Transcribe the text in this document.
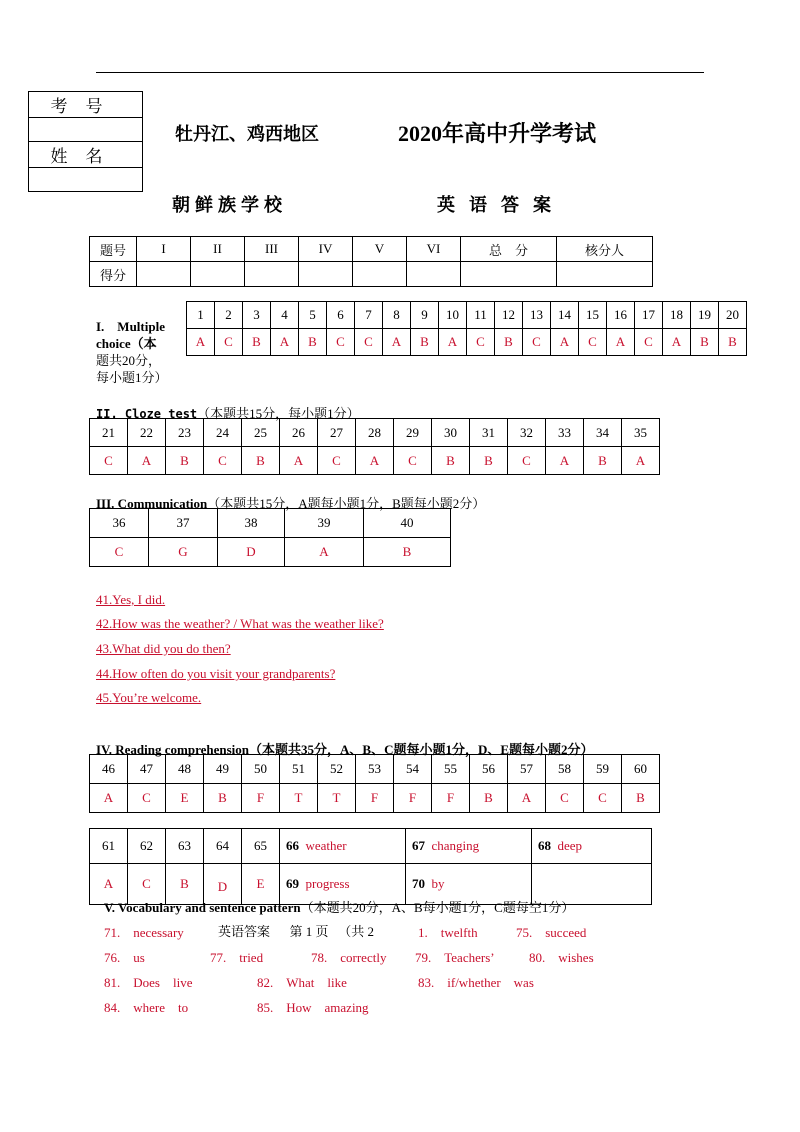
考号

姓名

牡丹江、鸡西地区	2020年高中升学考试
朝鲜族学校	英语答案
题号	I	II	III	IV	V	VI	总　分	核分人
得分								
I.　Multiple
choice（本
题共20分，
每小题1分）
1	2	3	4	5	6	7	8	9	10	11	12	13	14	15	16	17	18	19	20
A	C	B	A	B	C	C	A	B	A	C	B	C	A	C	A	C	A	B	B
II. Cloze test（本题共15分，每小题1分）
21	22	23	24	25	26	27	28	29	30	31	32	33	34	35
C	A	B	C	B	A	C	A	C	B	B	C	A	B	A
III. Communication（本题共15分，A题每小题1分，B题每小题2分）
36	37	38	39	40
C	G	D	A	B
41.Yes, I did.
42.How was the weather? / What was the weather like?
43.What did you do then?
44.How often do you visit your grandparents?
45.You’re welcome.
IV. Reading comprehension（本题共35分，A、B、C题每小题1分，D、E题每小题2分）
46	47	48	49	50	51	52	53	54	55	56	57	58	59	60
A	C	E	B	F	T	T	F	F	F	B	A	C	C	B
61	62	63	64	65	66 weather	67 changing	68 deep
A	C	B	D	E	69 progress	70 by	
V. Vocabulary and sentence pattern（本题共20分，A、B每小题1分，C题每空1分）
71.　necessary	英语答案 第 1 页 （共 2	1.　twelfth	75.　succeed
76.　us	77.　tried	78.　correctly 79.　Teachers’	80.　wishes
81.　Does　live	82.　What　like	83.　if/whether　was
84.　where　to	85.　How　amazing
